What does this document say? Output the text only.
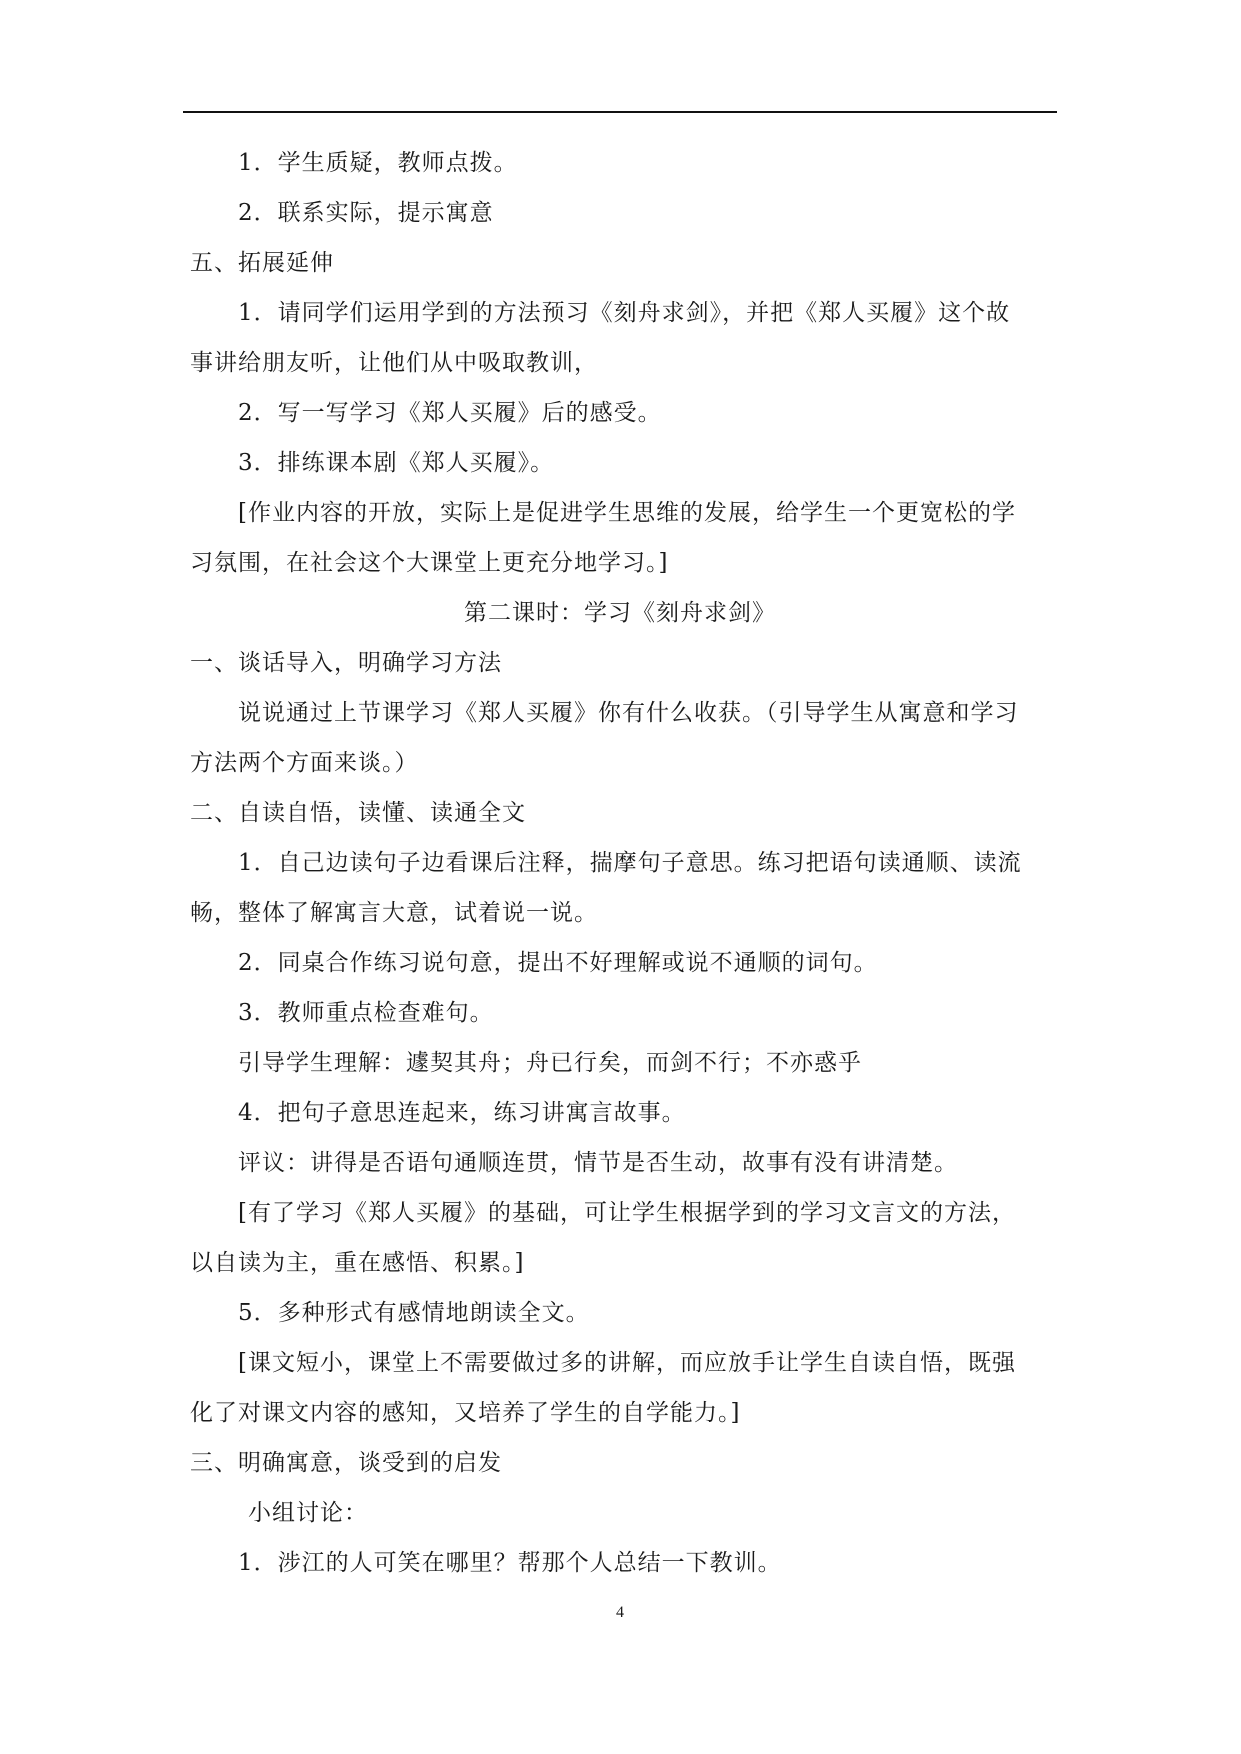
1．学生质疑，教师点拨。
2．联系实际，提示寓意
五、拓展延伸
1．请同学们运用学到的方法预习《刻舟求剑》，并把《郑人买履》这个故
事讲给朋友听，让他们从中吸取教训，
2．写一写学习《郑人买履》后的感受。
3．排练课本剧《郑人买履》。
[作业内容的开放，实际上是促进学生思维的发展，给学生一个更宽松的学
习氛围，在社会这个大课堂上更充分地学习。]
第二课时：学习《刻舟求剑》
一、谈话导入，明确学习方法
说说通过上节课学习《郑人买履》你有什么收获。（引导学生从寓意和学习
方法两个方面来谈。）
二、自读自悟，读懂、读通全文
1．自己边读句子边看课后注释，揣摩句子意思。练习把语句读通顺、读流
畅，整体了解寓言大意，试着说一说。
2．同桌合作练习说句意，提出不好理解或说不通顺的词句。
3．教师重点检查难句。
引导学生理解：遽契其舟；舟已行矣，而剑不行；不亦惑乎
4．把句子意思连起来，练习讲寓言故事。
评议：讲得是否语句通顺连贯，情节是否生动，故事有没有讲清楚。
[有了学习《郑人买履》的基础，可让学生根据学到的学习文言文的方法，
以自读为主，重在感悟、积累。]
5．多种形式有感情地朗读全文。
[课文短小，课堂上不需要做过多的讲解，而应放手让学生自读自悟，既强
化了对课文内容的感知，又培养了学生的自学能力。]
三、明确寓意，谈受到的启发
小组讨论：
1．涉江的人可笑在哪里？帮那个人总结一下教训。
4
